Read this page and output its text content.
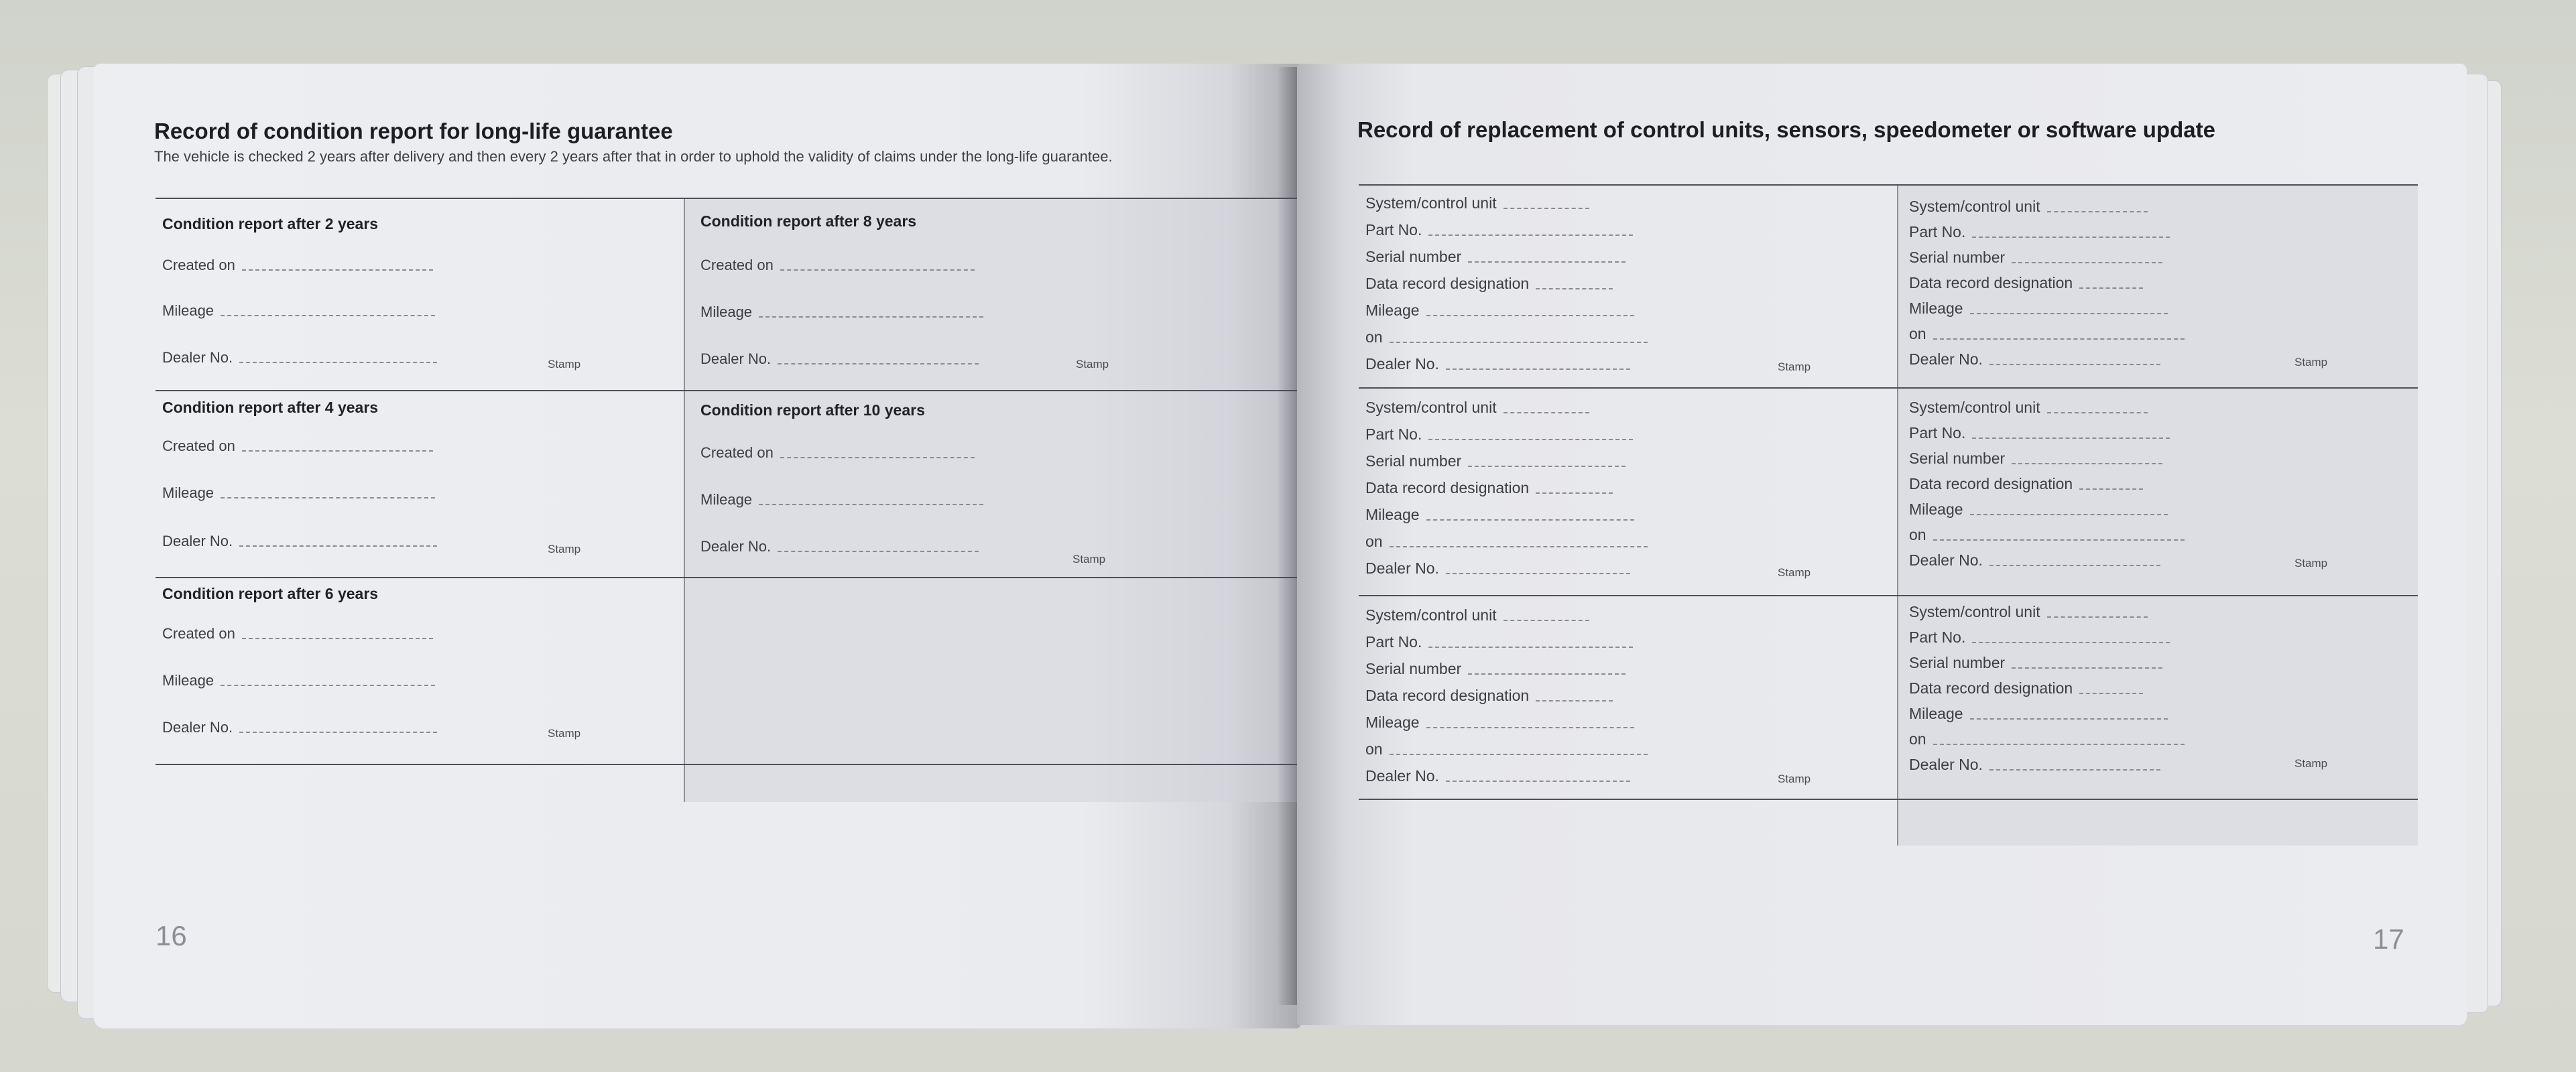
Record of condition report for long-life guarantee
The vehicle is checked 2 years after delivery and then every 2 years after that in order to uphold the validity of claims under the long-life guarantee.
Condition report after 2 years
Created on
Mileage
Dealer No.	Stamp
Condition report after 8 years
Created on
Mileage
Dealer No.	Stamp
Condition report after 4 years
Created on
Mileage
Dealer No.	Stamp
Condition report after 10 years
Created on
Mileage
Dealer No.
Stamp
Condition report after 6 years
Created on
Mileage
Dealer No.	Stamp
16
Record of replacement of control units, sensors, speedometer or software update
System/control unit
Part No.
Serial number
Data record designation
Mileage
on
Dealer No.	Stamp
System/control unit
Part No.
Serial number
Data record designation
Mileage
on
Dealer No.	Stamp
System/control unit
Part No.
Serial number
Data record designation
Mileage
on
Dealer No.	Stamp
System/control unit
Part No.
Serial number
Data record designation
Mileage
on
Dealer No.	Stamp
System/control unit
Part No.
Serial number
Data record designation
Mileage
on
Dealer No.	Stamp
System/control unit
Part No.
Serial number
Data record designation
Mileage
on
Dealer No.	Stamp
17
